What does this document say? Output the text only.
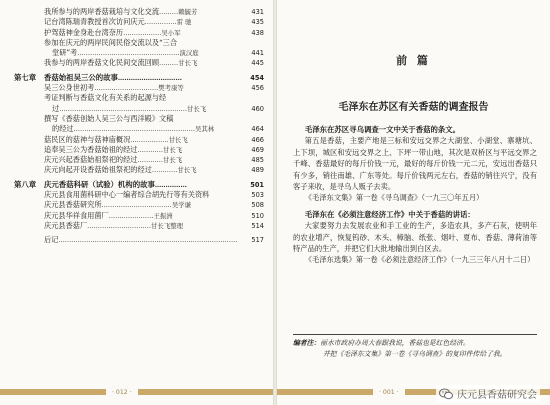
我所参与的两岸香菇栽培与文化交流………赖毓芳	431
记台湾陈瑞青教授首次访问庆元……………雷 驰	435
护驾菇神金身赴台湾奈历………………吴小军	438
参加在庆元的两岸民间民俗交流以及“三合
堂研”考…………………………………………演汉庭	441
我参与的两岸香菇文化民间交流回顾………甘长飞	445
第七章 香菇始祖吴三公的故事…………………………	454
吴三公身世初考…………………………樊考康等	456
考证判断与香菇文化有关系的起源与经
过……………………………………………………甘长飞	460
撰写《香菇创始人吴三公与西洋殿》文稿
的经过…………………………………………………吴其林	464
菇民区的菇神与菇神庙概况………………甘长飞	466
追奉吴三公为香菇始祖的经过…………甘长飞	469
庆元兴起香菇始祖祭祀的经过…………甘长飞	485
庆元向起开设香菇始祖祭祀的经过…………甘长飞	489
第八章 庆元香菇科研（试验）机构的故事……………	501
庆元县食用菌科研中心一编者综合胡先行等有关资料	503
庆元县香菇研究所……………………………吴学谦	508
庆元县华祥食用菌厂…………………王振洲	510
庆元县香菇厂…………………………甘长飞整理	514
后记…………………………………………………………………………	517
· 012 ·
前 篇
毛泽东在苏区有关香菇的调查报告
毛泽东在苏区寻乌调查一文中关于香菇的条文。

第五是香菇，主要产地是三标和安远交界之大湖堂、小湖堂、寨塘坑、上下坝，城区和安远交界之上、下坪一带山地，其次是双桥区与平远交界之千峰、香菇最好的每斤价钱一元，最好的每斤价钱一元二元，安远出香菇只有少多，销往南雄、广东等处。每斤价钱两元左右，香菇的销往兴宁，没有客子来收，是寻乌人贩子去卖。

《毛泽东文集》第一卷《寻乌调查》（一九三〇年五月）

毛泽东在《必须注意经济工作》中关于香菇的讲话：

大家要努力去发展农业和手工业的生产，多造农具，多产石灰，使明年的农业增产，恢复钨砂、木头、樟脑、纸张、烟叶、夏布、香菇、薄荷油等特产品的生产，并把它们大批地输出到白区去。

《毛泽东选集》第一卷《必须注意经济工作》（一九三三年八月十二日）

编者注：丽水市政府办周大春跟我说，香菇也是红色经济。
并把《毛泽东文集》第一卷《寻乌调查》的复印件传给了我。
· 001 ·	庆元县香菇研究会
